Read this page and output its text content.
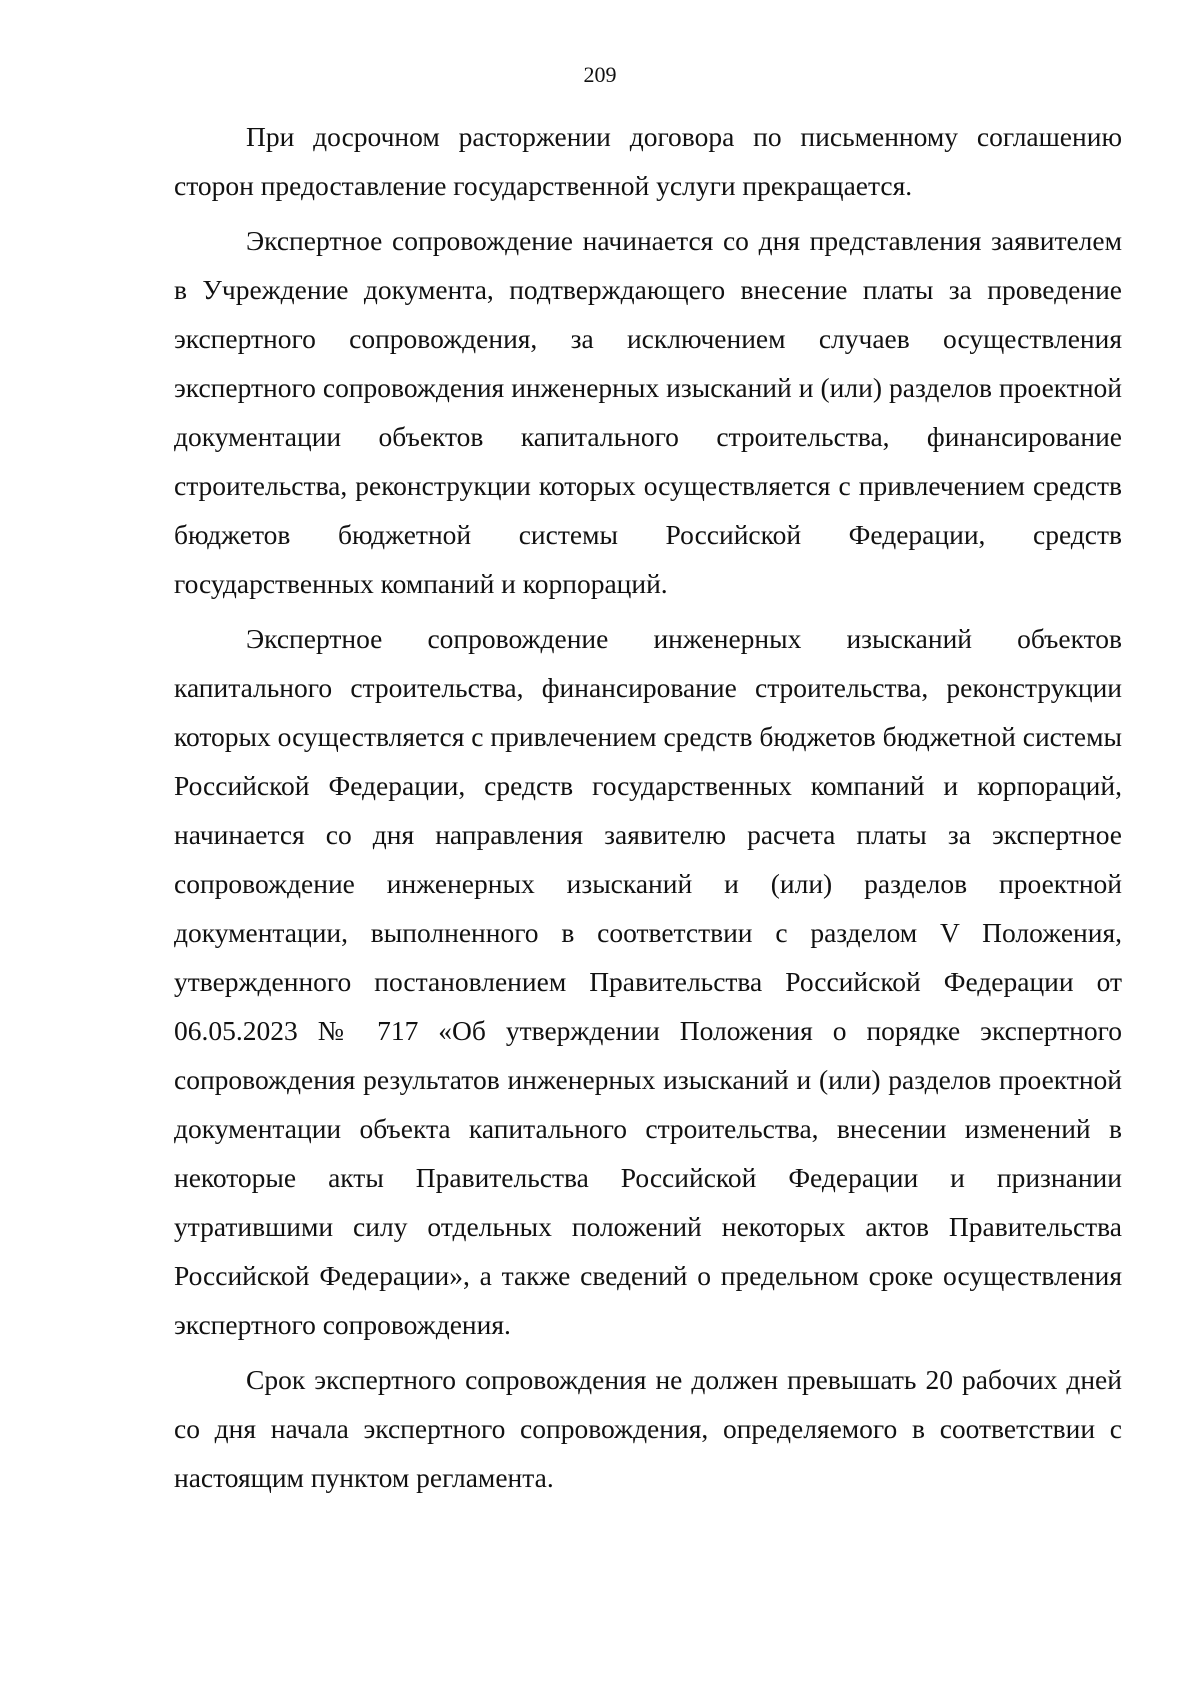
209

При досрочном расторжении договора по письменному соглашению сторон предоставление государственной услуги прекращается.

Экспертное сопровождение начинается со дня представления заявителем в Учреждение документа, подтверждающего внесение платы за проведение экспертного сопровождения, за исключением случаев осуществления экспертного сопровождения инженерных изысканий и (или) разделов проектной документации объектов капитального строительства, финансирование строительства, реконструкции которых осуществляется с привлечением средств бюджетов бюджетной системы Российской Федерации, средств государственных компаний и корпораций.

Экспертное сопровождение инженерных изысканий объектов капитального строительства, финансирование строительства, реконструкции которых осуществляется с привлечением средств бюджетов бюджетной системы Российской Федерации, средств государственных компаний и корпораций, начинается со дня направления заявителю расчета платы за экспертное сопровождение инженерных изысканий и (или) разделов проектной документации, выполненного в соответствии с разделом V Положения, утвержденного постановлением Правительства Российской Федерации от 06.05.2023 № 717 «Об утверждении Положения о порядке экспертного сопровождения результатов инженерных изысканий и (или) разделов проектной документации объекта капитального строительства, внесении изменений в некоторые акты Правительства Российской Федерации и признании утратившими силу отдельных положений некоторых актов Правительства Российской Федерации», а также сведений о предельном сроке осуществления экспертного сопровождения.

Срок экспертного сопровождения не должен превышать 20 рабочих дней со дня начала экспертного сопровождения, определяемого в соответствии с настоящим пунктом регламента.
